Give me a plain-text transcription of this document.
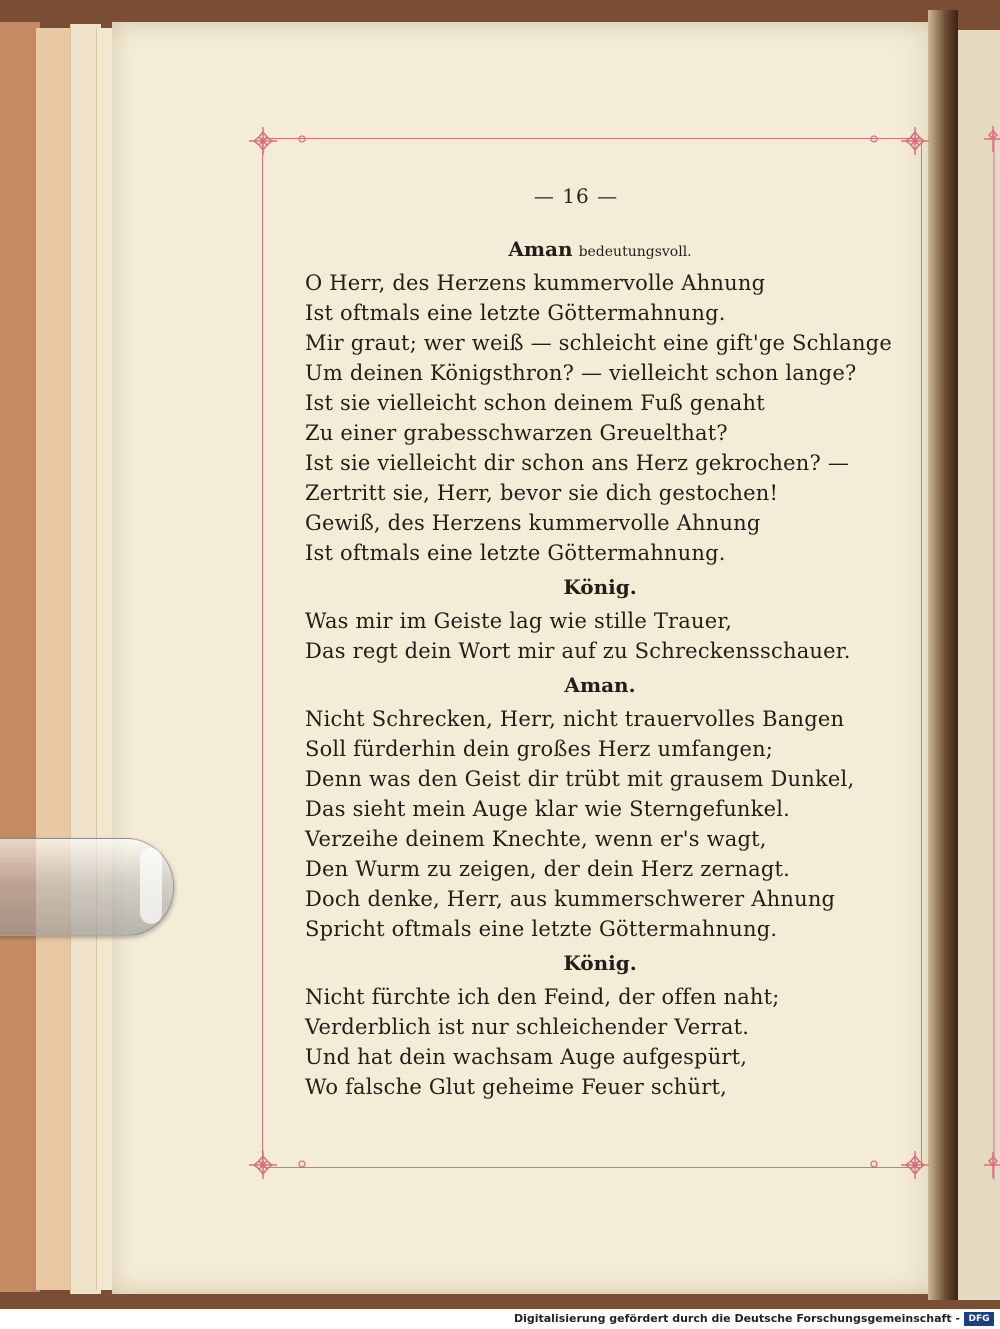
— 16 —
Aman bedeutungsvoll.
O Herr, des Herzens kummervolle Ahnung
Ist oftmals eine letzte Göttermahnung.
Mir graut; wer weiß — schleicht eine gift'ge Schlange
Um deinen Königsthron? — vielleicht schon lange?
Ist sie vielleicht schon deinem Fuß genaht
Zu einer grabesschwarzen Greuelthat?
Ist sie vielleicht dir schon ans Herz gekrochen? —
Zertritt sie, Herr, bevor sie dich gestochen!
Gewiß, des Herzens kummervolle Ahnung
Ist oftmals eine letzte Göttermahnung.
König.
Was mir im Geiste lag wie stille Trauer,
Das regt dein Wort mir auf zu Schreckensschauer.
Aman.
Nicht Schrecken, Herr, nicht trauervolles Bangen
Soll fürderhin dein großes Herz umfangen;
Denn was den Geist dir trübt mit grausem Dunkel,
Das sieht mein Auge klar wie Sterngefunkel.
Verzeihe deinem Knechte, wenn er's wagt,
Den Wurm zu zeigen, der dein Herz zernagt.
Doch denke, Herr, aus kummerschwerer Ahnung
Spricht oftmals eine letzte Göttermahnung.
König.
Nicht fürchte ich den Feind, der offen naht;
Verderblich ist nur schleichender Verrat.
Und hat dein wachsam Auge aufgespürt,
Wo falsche Glut geheime Feuer schürt,
Digitalisierung gefördert durch die Deutsche Forschungsgemeinschaft - DFG
